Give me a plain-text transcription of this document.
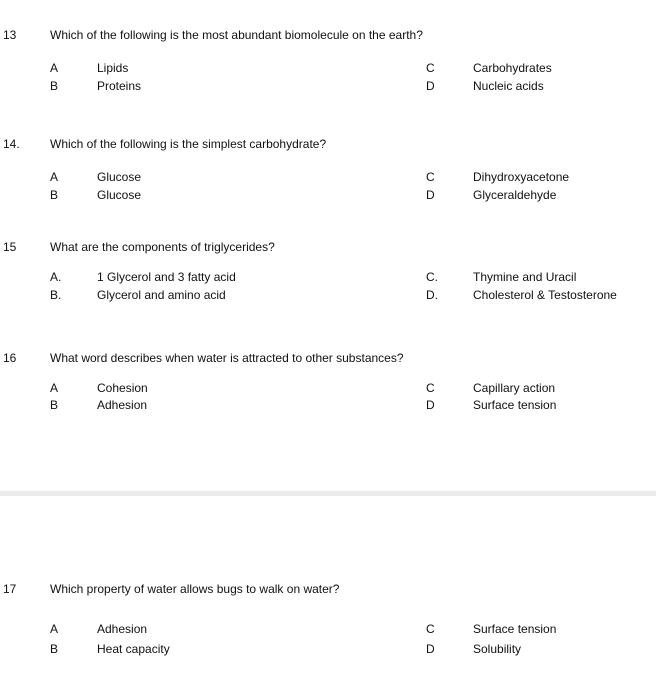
13	Which of the following is the most abundant biomolecule on the earth?
A	Lipids	C	Carbohydrates
B	Proteins	D	Nucleic acids
14.	Which of the following is the simplest carbohydrate?
A	Glucose	C	Dihydroxyacetone
B	Glucose	D	Glyceraldehyde
15	What are the components of triglycerides?
A.	1 Glycerol and 3 fatty acid	C.	Thymine and Uracil
B.	Glycerol and amino acid	D.	Cholesterol & Testosterone
16	What word describes when water is attracted to other substances?
A	Cohesion	C	Capillary action
B	Adhesion	D	Surface tension
17	Which property of water allows bugs to walk on water?
A	Adhesion	C	Surface tension
B	Heat capacity	D	Solubility
